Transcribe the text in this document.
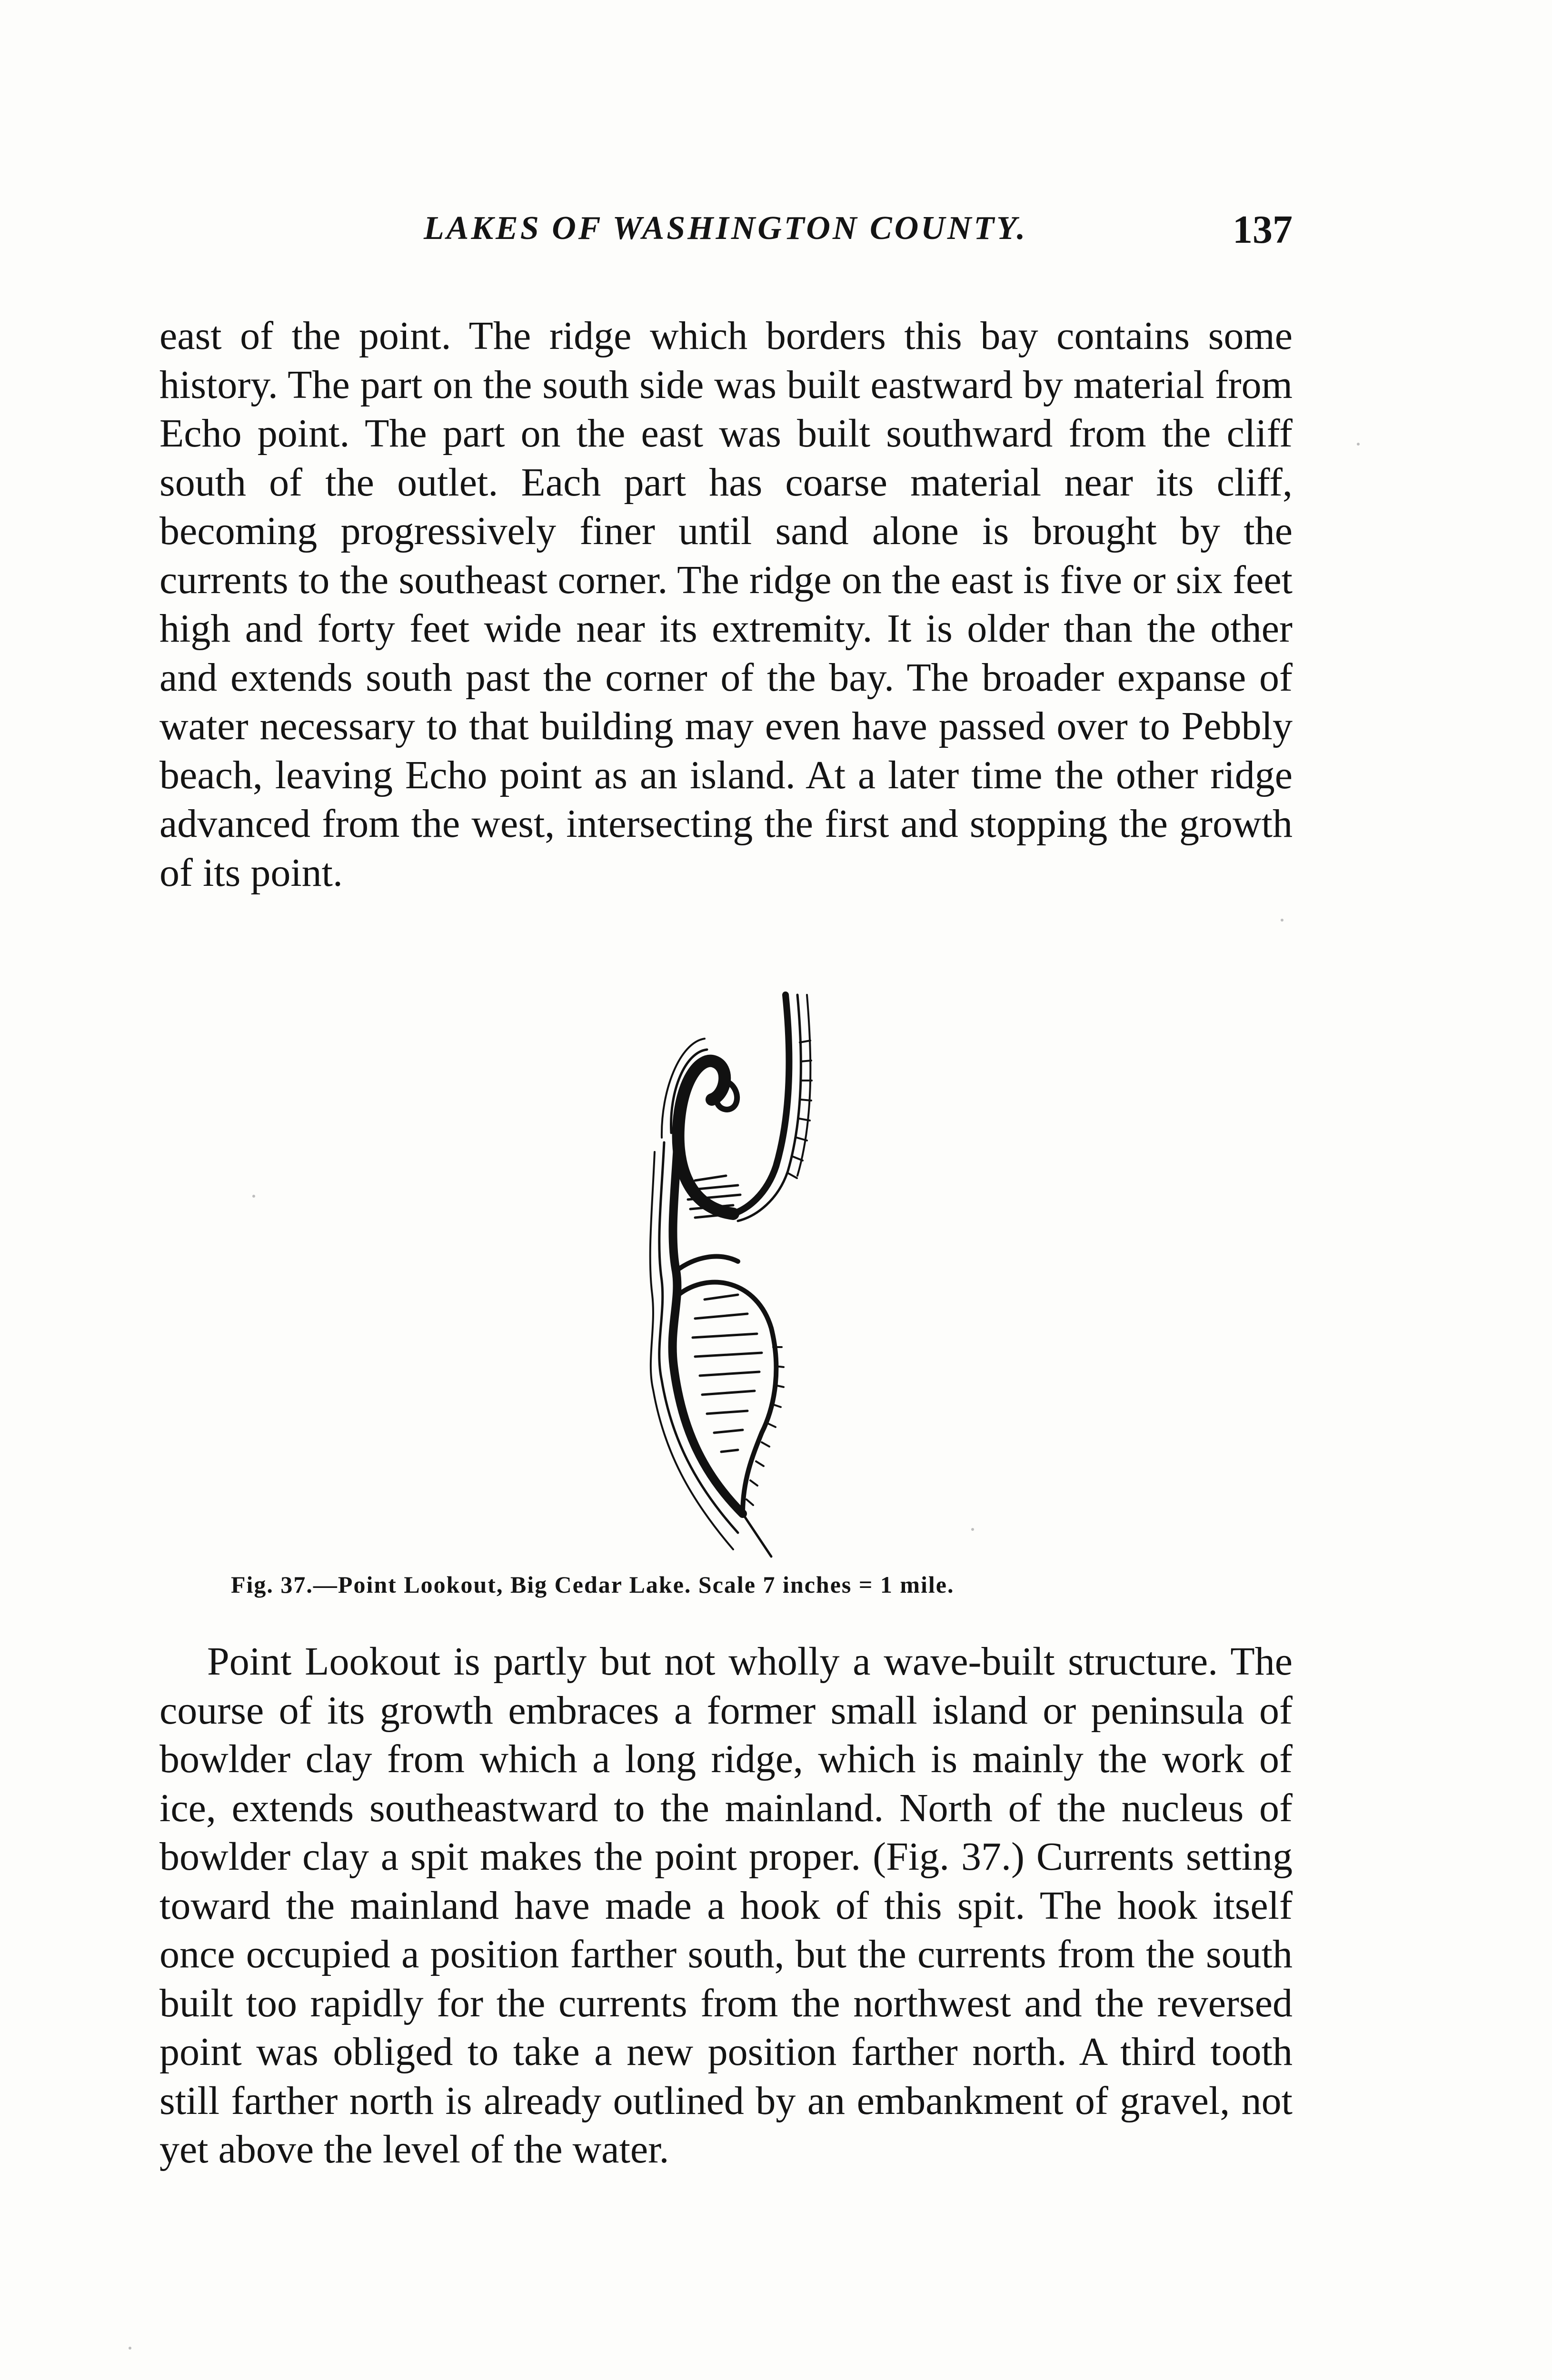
LAKES OF WASHINGTON COUNTY.	137

east of the point. The ridge which borders this bay contains some history. The part on the south side was built eastward by material from Echo point. The part on the east was built southward from the cliff south of the outlet. Each part has coarse material near its cliff, becoming progressively finer until sand alone is brought by the currents to the southeast corner. The ridge on the east is five or six feet high and forty feet wide near its extremity. It is older than the other and extends south past the corner of the bay. The broader expanse of water necessary to that building may even have passed over to Pebbly beach, leaving Echo point as an island. At a later time the other ridge advanced from the west, intersecting the first and stopping the growth of its point.

Fig. 37.—Point Lookout, Big Cedar Lake. Scale 7 inches = 1 mile.

Point Lookout is partly but not wholly a wave-built structure. The course of its growth embraces a former small island or peninsula of bowlder clay from which a long ridge, which is mainly the work of ice, extends southeastward to the mainland. North of the nucleus of bowlder clay a spit makes the point proper. (Fig. 37.) Currents setting toward the mainland have made a hook of this spit. The hook itself once occupied a position farther south, but the currents from the south built too rapidly for the currents from the northwest and the reversed point was obliged to take a new position farther north. A third tooth still farther north is already outlined by an embankment of gravel, not yet above the level of the water.
